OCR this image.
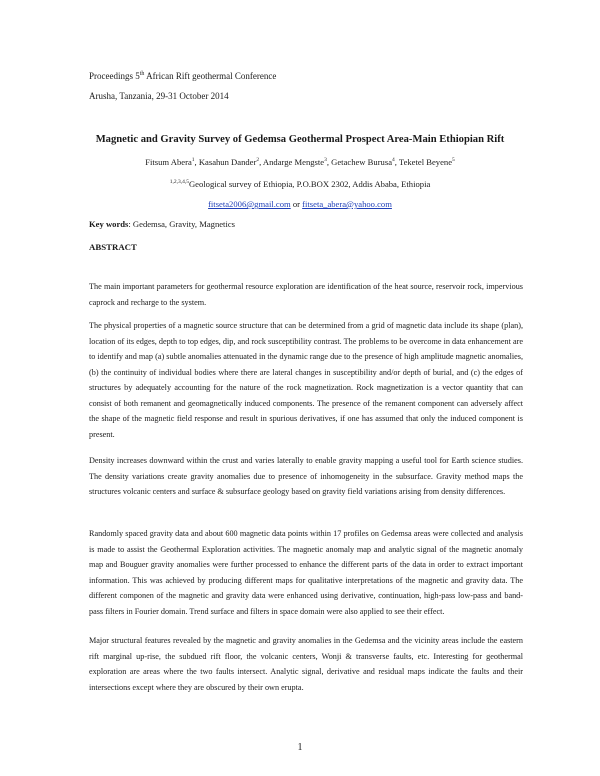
Proceedings 5th African Rift geothermal Conference
Arusha, Tanzania, 29-31 October 2014
Magnetic and Gravity Survey of Gedemsa Geothermal Prospect Area-Main Ethiopian Rift
Fitsum Abera$^1$, Kasahun Dander$^2$, Andarge Mengste$^3$, Getachew Burusa$^4$, Teketel Beyene$^5$
$^{1,2,3,4,5}$Geological survey of Ethiopia, P.O.BOX 2302, Addis Ababa, Ethiopia
fitseta2006@gmail.com or fitseta_abera@yahoo.com
Key words: Gedemsa, Gravity, Magnetics
ABSTRACT
The main important parameters for geothermal resource exploration are identification of the heat source, reservoir rock, impervious caprock and recharge to the system.
The physical properties of a magnetic source structure that can be determined from a grid of magnetic data include its shape (plan), location of its edges, depth to top edges, dip, and rock susceptibility contrast. The problems to be overcome in data enhancement are to identify and map (a) subtle anomalies attenuated in the dynamic range due to the presence of high amplitude magnetic anomalies, (b) the continuity of individual bodies where there are lateral changes in susceptibility and/or depth of burial, and (c) the edges of structures by adequately accounting for the nature of the rock magnetization. Rock magnetization is a vector quantity that can consist of both remanent and geomagnetically induced components. The presence of the remanent component can adversely affect the shape of the magnetic field response and result in spurious derivatives, if one has assumed that only the induced component is present.
Density increases downward within the crust and varies laterally to enable gravity mapping a useful tool for Earth science studies. The density variations create gravity anomalies due to presence of inhomogeneity in the subsurface. Gravity method maps the structures volcanic centers and surface & subsurface geology based on gravity field variations arising from density differences.
Randomly spaced gravity data and about 600 magnetic data points within 17 profiles on Gedemsa areas were collected and analysis is made to assist the Geothermal Exploration activities. The magnetic anomaly map and analytic signal of the magnetic anomaly map and Bouguer gravity anomalies were further processed to enhance the different parts of the data in order to extract important information. This was achieved by producing different maps for qualitative interpretations of the magnetic and gravity data. The different componen of the magnetic and gravity data were enhanced using derivative, continuation, high-pass low-pass and band-pass filters in Fourier domain. Trend surface and filters in space domain were also applied to see their effect.
Major structural features revealed by the magnetic and gravity anomalies in the Gedemsa and the vicinity areas include the eastern rift marginal up-rise, the subdued rift floor, the volcanic centers, Wonji & transverse faults, etc. Interesting for geothermal exploration are areas where the two faults intersect. Analytic signal, derivative and residual maps indicate the faults and their intersections except where they are obscured by their own erupta.
1
